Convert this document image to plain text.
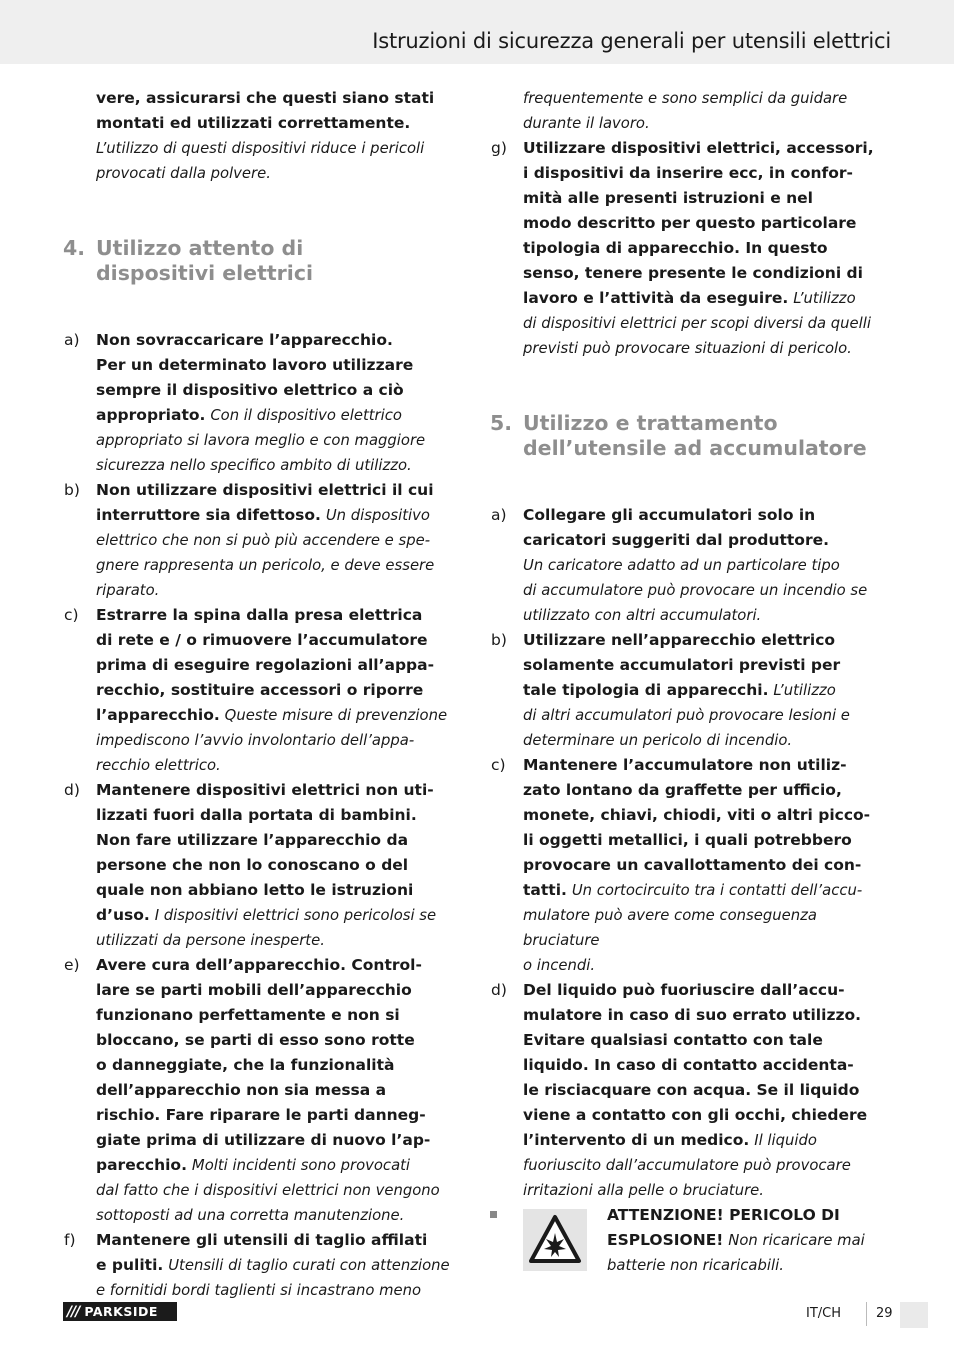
Istruzioni di sicurezza generali per utensili elettrici
vere, assicurarsi che questi siano stati
montati ed utilizzati correttamente.
L’utilizzo di questi dispositivi riduce i pericoli
provocati dalla polvere.
4. Utilizzo attento di
dispositivi elettrici
a) Non sovraccaricare l’apparecchio.
Per un determinato lavoro utilizzare
sempre il dispositivo elettrico a ciò
appropriato. Con il dispositivo elettrico
appropriato si lavora meglio e con maggiore
sicurezza nello specifico ambito di utilizzo.
b) Non utilizzare dispositivi elettrici il cui
interruttore sia difettoso. Un dispositivo
elettrico che non si può più accendere e spe-
gnere rappresenta un pericolo, e deve essere
riparato.
c) Estrarre la spina dalla presa elettrica
di rete e / o rimuovere l’accumulatore
prima di eseguire regolazioni all’appa-
recchio, sostituire accessori o riporre
l’apparecchio. Queste misure di prevenzione
impediscono l’avvio involontario dell’appa-
recchio elettrico.
d) Mantenere dispositivi elettrici non uti-
lizzati fuori dalla portata di bambini.
Non fare utilizzare l’apparecchio da
persone che non lo conoscano o del
quale non abbiano letto le istruzioni
d’uso. I dispositivi elettrici sono pericolosi se
utilizzati da persone inesperte.
e) Avere cura dell’apparecchio. Control-
lare se parti mobili dell’apparecchio
funzionano perfettamente e non si
bloccano, se parti di esso sono rotte
o danneggiate, che la funzionalità
dell’apparecchio non sia messa a
rischio. Fare riparare le parti danneg-
giate prima di utilizzare di nuovo l’ap-
parecchio. Molti incidenti sono provocati
dal fatto che i dispositivi elettrici non vengono
sottoposti ad una corretta manutenzione.
f) Mantenere gli utensili di taglio affilati
e puliti. Utensili di taglio curati con attenzione
e fornitidi bordi taglienti si incastrano meno
frequentemente e sono semplici da guidare
durante il lavoro.
g) Utilizzare dispositivi elettrici, accessori,
i dispositivi da inserire ecc, in confor-
mità alle presenti istruzioni e nel
modo descritto per questo particolare
tipologia di apparecchio. In questo
senso, tenere presente le condizioni di
lavoro e l’attività da eseguire. L’utilizzo
di dispositivi elettrici per scopi diversi da quelli
previsti può provocare situazioni di pericolo.
5. Utilizzo e trattamento
dell’utensile ad accumulatore
a) Collegare gli accumulatori solo in
caricatori suggeriti dal produttore.
Un caricatore adatto ad un particolare tipo
di accumulatore può provocare un incendio se
utilizzato con altri accumulatori.
b) Utilizzare nell’apparecchio elettrico
solamente accumulatori previsti per
tale tipologia di apparecchi. L’utilizzo
di altri accumulatori può provocare lesioni e
determinare un pericolo di incendio.
c) Mantenere l’accumulatore non utiliz-
zato lontano da graffette per ufficio,
monete, chiavi, chiodi, viti o altri picco-
li oggetti metallici, i quali potrebbero
provocare un cavallottamento dei con-
tatti. Un cortocircuito tra i contatti dell’accu-
mulatore può avere come conseguenza bruciature
o incendi.
d) Del liquido può fuoriuscire dall’accu-
mulatore in caso di suo errato utilizzo.
Evitare qualsiasi contatto con tale
liquido. In caso di contatto accidenta-
le risciacquare con acqua. Se il liquido
viene a contatto con gli occhi, chiedere
l’intervento di un medico. Il liquido
fuoriuscito dall’accumulatore può provocare
irritazioni alla pelle o bruciature.
ATTENZIONE! PERICOLO DI
ESPLOSIONE! Non ricaricare mai
batterie non ricaricabili.
/// PARKSIDE	IT/CH	29
